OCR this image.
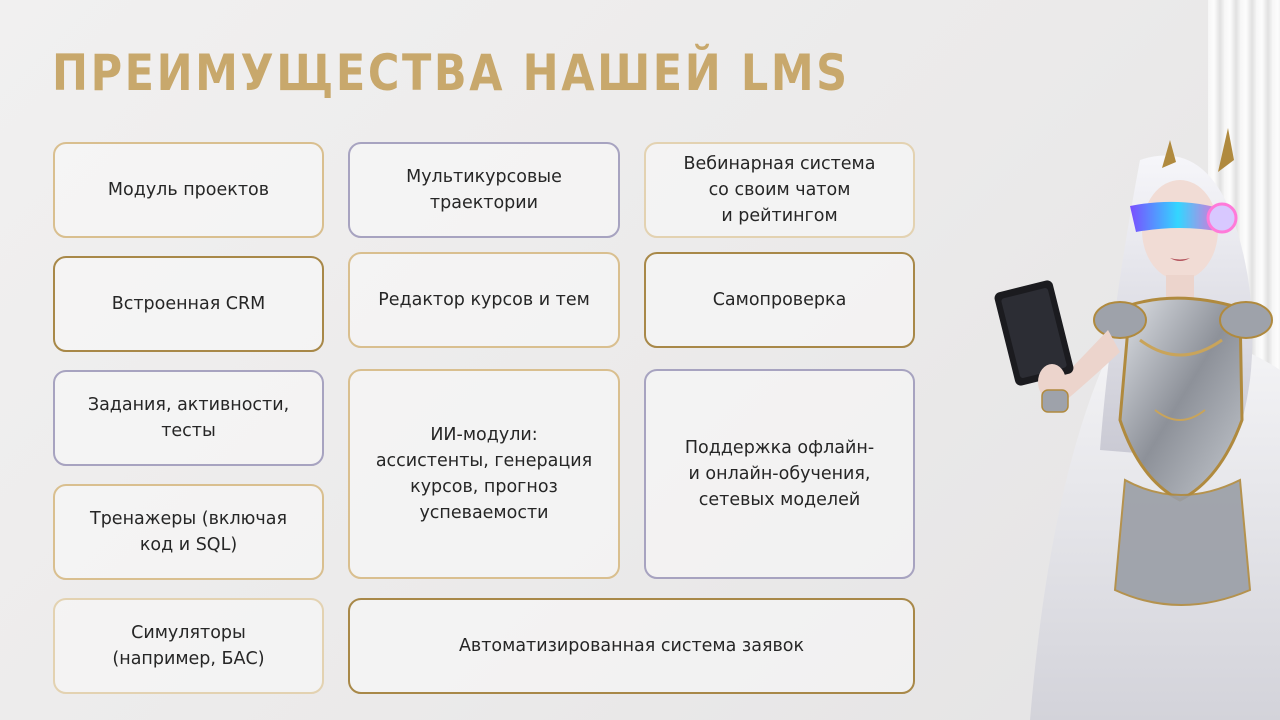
ПРЕИМУЩЕСТВА НАШЕЙ LMS
Модуль проектов
Мультикурсовые
траектории
Вебинарная система
со своим чатом
и рейтингом
Встроенная CRM	Редактор курсов и тем	Самопроверка
Задания, активности,
тесты	ИИ-модули:
ассистенты, генерация
курсов, прогноз
успеваемости
Поддержка офлайн-
и онлайн-обучения,
сетевых моделей
Тренажеры (включая
код и SQL)
Симуляторы
(например, БАС)
Автоматизированная система заявок
